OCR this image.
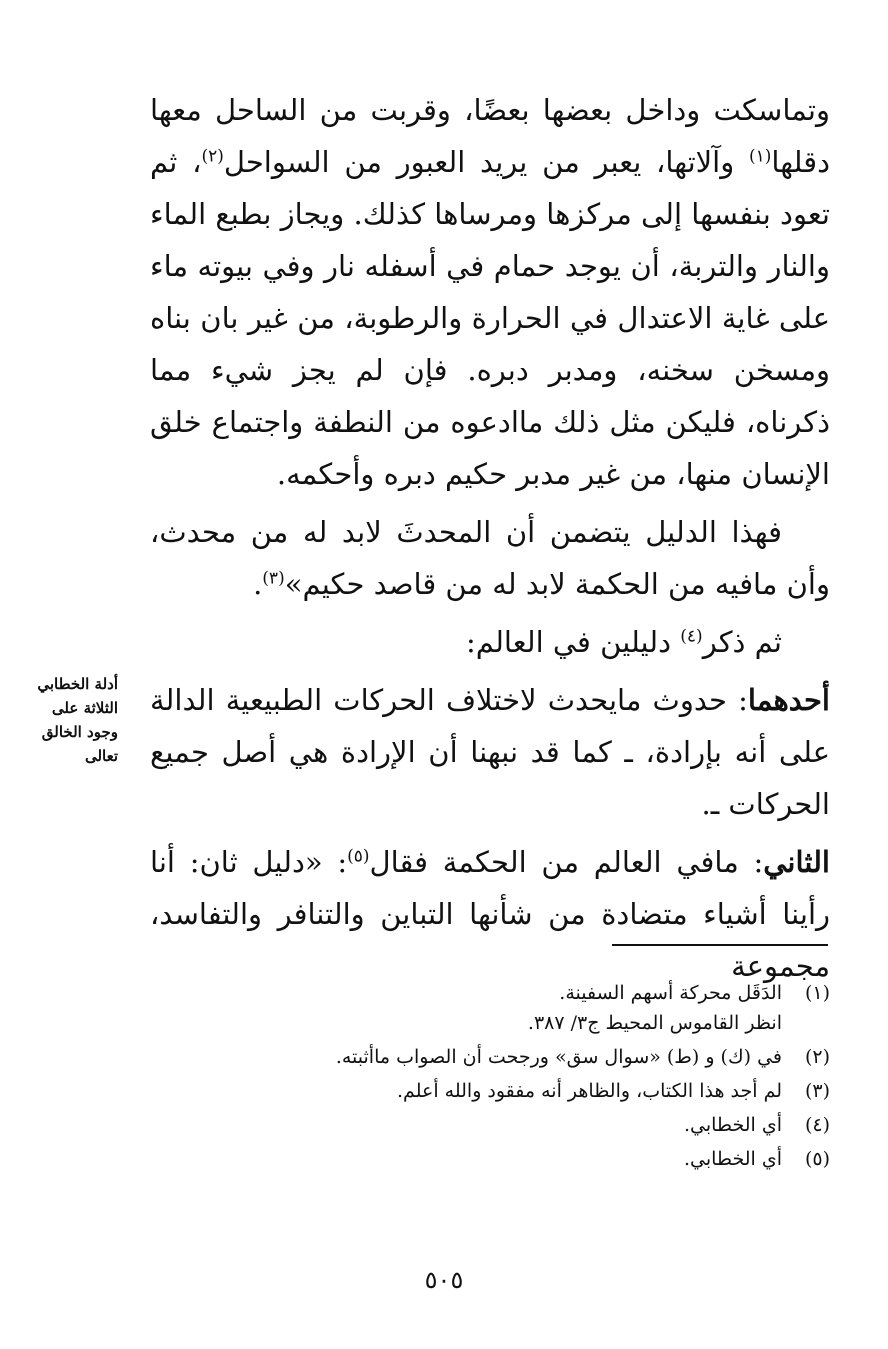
وتماسكت وداخل بعضها بعضًا، وقربت من الساحل معها دقلها$^{(١)}$ وآلاتها، يعبر من يريد العبور من السواحل$^{(٢)}$، ثم تعود بنفسها إلى مركزها ومرساها كذلك. ويجاز بطبع الماء والنار والتربة، أن يوجد حمام في أسفله نار وفي بيوته ماء على غاية الاعتدال في الحرارة والرطوبة، من غير بان بناه ومسخن سخنه، ومدبر دبره. فإن لم يجز شيء مما ذكرناه، فليكن مثل ذلك ماادعوه من النطفة واجتماع خلق الإنسان منها، من غير مدبر حكيم دبره وأحكمه.

فهذا الدليل يتضمن أن المحدثَ لابد له من محدث، وأن مافيه من الحكمة لابد له من قاصد حكيم»$^{(٣)}$.

ثم ذكر$^{(٤)}$ دليلين في العالم:

أحدهما: حدوث مايحدث لاختلاف الحركات الطبيعية الدالة على أنه بإرادة، ـ كما قد نبهنا أن الإرادة هي أصل جميع الحركات ـ.

الثاني: مافي العالم من الحكمة فقال$^{(٥)}$: «دليل ثان: أنا رأينا أشياء متضادة من شأنها التباين والتنافر والتفاسد، مجموعة

أدلة الخطابي
الثلاثة على
وجود الخالق
تعالى
(١)
الدَقَل محركة أسهم السفينة.
انظر القاموس المحيط ج٣/ ٣٨٧.
(٢)
في (ك) و (ط) «سوال سق» ورجحت أن الصواب ماأثبته.
(٣)
لم أجد هذا الكتاب، والظاهر أنه مفقود والله أعلم.
(٤)
أي الخطابي.
(٥)
أي الخطابي.
٥٠٥
